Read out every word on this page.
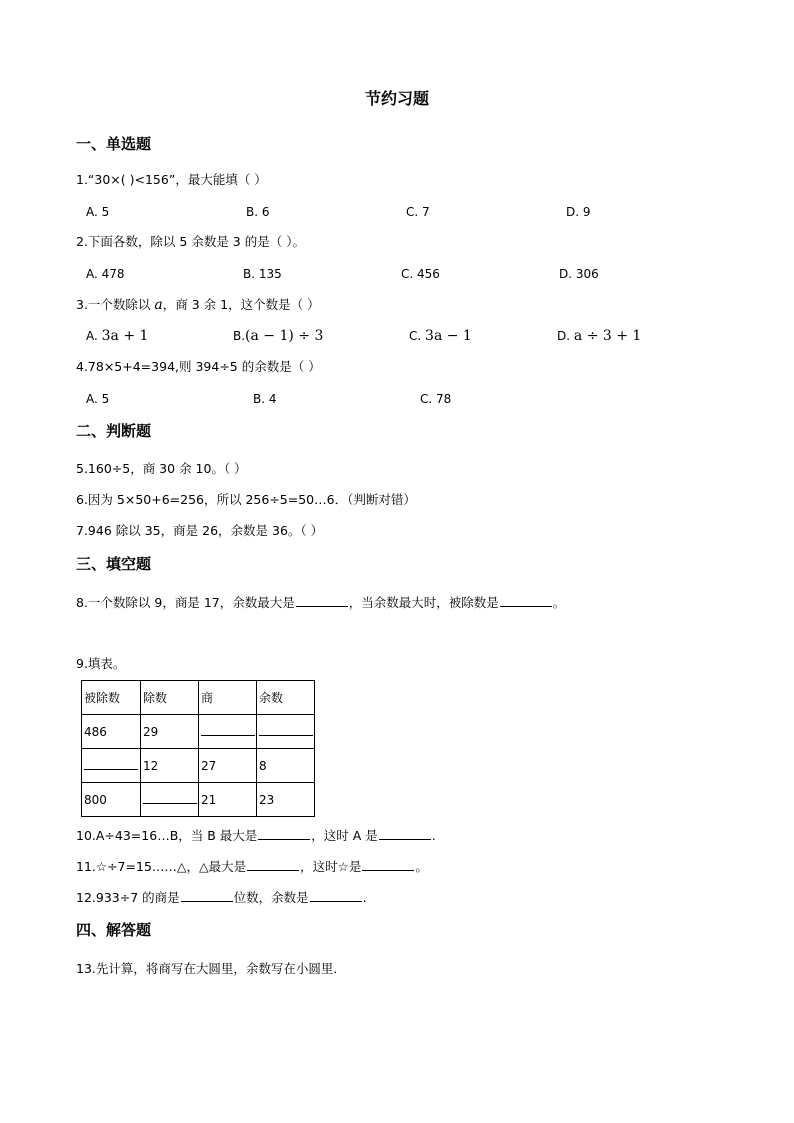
节约习题
一、单选题

1.“30×( )<156”，最大能填（ ）

A. 5	B. 6	C. 7	D. 9

2.下面各数，除以 5 余数是 3 的是（ ）。

A. 478	B. 135	C. 456	D. 306

3.一个数除以 a，商 3 余 1，这个数是（ ）

A. 3a + 1	B.(a − 1) ÷ 3	C. 3a − 1	D. a ÷ 3 + 1

4.78×5+4=394,则 394÷5 的余数是（ ）

A. 5	B. 4	C. 78
二、判断题

5.160÷5，商 30 余 10。（ ）

6.因为 5×50+6=256，所以 256÷5=50…6．（判断对错）

7.946 除以 35，商是 26，余数是 36。（ ）

三、填空题

8.一个数除以 9，商是 17，余数最大是	，当余数最大时，被除数是	。

9.填表。

被除数	除数	商	余数
486	29		
	12	27	8
800		21	23

10.A÷43=16…B，当 B 最大是	，这时 A 是	.

11.☆÷7=15……△，△最大是	，这时☆是	。

12.933÷7 的商是	位数，余数是	.

四、解答题

13.先计算，将商写在大圆里，余数写在小圆里．
